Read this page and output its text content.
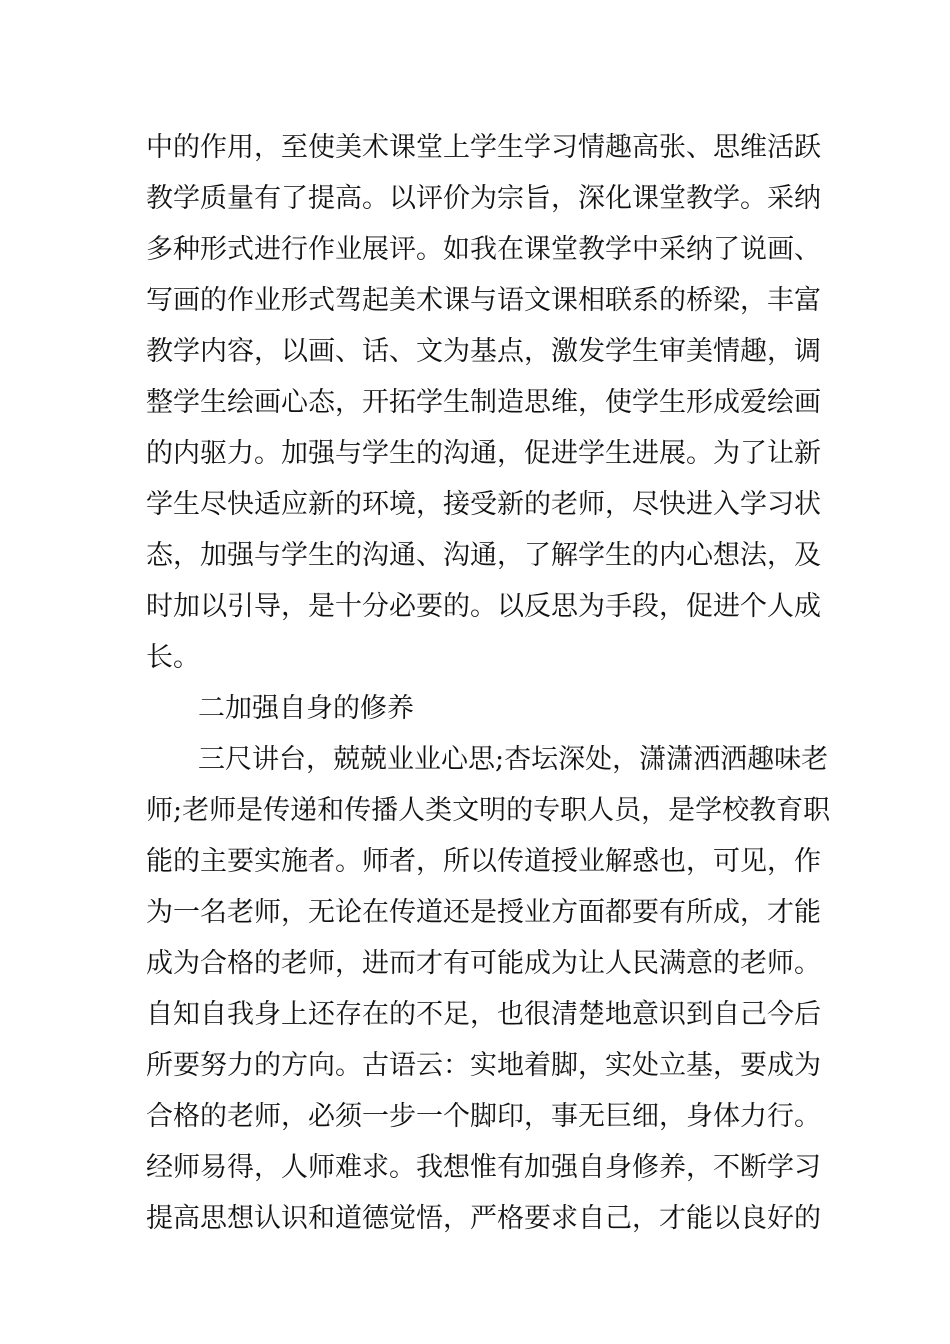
中的作用，至使美术课堂上学生学习情趣高张、思维活跃
教学质量有了提高。以评价为宗旨，深化课堂教学。采纳
多种形式进行作业展评。如我在课堂教学中采纳了说画、
写画的作业形式驾起美术课与语文课相联系的桥梁，丰富
教学内容，以画、话、文为基点，激发学生审美情趣，调
整学生绘画心态，开拓学生制造思维，使学生形成爱绘画
的内驱力。加强与学生的沟通，促进学生进展。为了让新
学生尽快适应新的环境，接受新的老师，尽快进入学习状
态，加强与学生的沟通、沟通，了解学生的内心想法，及
时加以引导，是十分必要的。以反思为手段，促进个人成
长。
二加强自身的修养
三尺讲台，兢兢业业心思;杏坛深处，潇潇洒洒趣味老
师;老师是传递和传播人类文明的专职人员，是学校教育职
能的主要实施者。师者，所以传道授业解惑也，可见，作
为一名老师，无论在传道还是授业方面都要有所成，才能
成为合格的老师，进而才有可能成为让人民满意的老师。
自知自我身上还存在的不足，也很清楚地意识到自己今后
所要努力的方向。古语云：实地着脚，实处立基，要成为
合格的老师，必须一步一个脚印，事无巨细，身体力行。
经师易得，人师难求。我想惟有加强自身修养，不断学习
提高思想认识和道德觉悟，严格要求自己，才能以良好的
